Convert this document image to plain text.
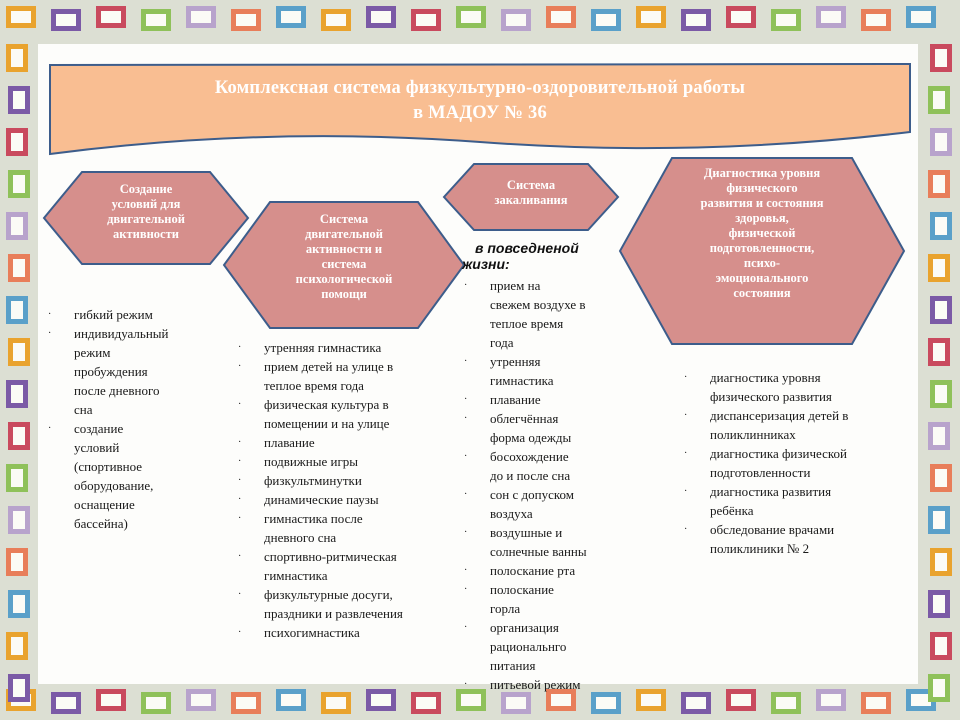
Комплексная система физкультурно-оздоровительной работы
в МАДОУ № 36
Создание
условий для
двигательной
активности
Система
двигательной
активности и
система
психологической
помощи
Система
закаливания
Диагностика уровня
физического
развития и состояния
здоровья,
физической
подготовленности,
психо-
эмоционального
состояния
в повседненой
жизни:
· гибкий режим
· индивидуальный
режим
пробуждения
после дневного
сна
· создание
условий
(спортивное
оборудование,
оснащение
бассейна)
· утренняя гимнастика
· прием детей на улице в
теплое время года
· физическая культура в
помещении и на улице
· плавание
· подвижные игры
· физкультминутки
· динамические паузы
· гимнастика после
дневного сна
· спортивно-ритмическая
гимнастика
· физкультурные досуги,
праздники и развлечения
· психогимнастика
· прием на
свежем воздухе в
теплое время
года
· утренняя
гимнастика
· плавание
· облегчённая
форма одежды
· босохождение
до и после сна
· сон с допуском
воздуха
· воздушные и
солнечные ванны
· полоскание рта
· полоскание
горла
· организация
рациональнго
питания
· питьевой режим
· диагностика уровня
физического развития
· диспансеризация детей в
поликлинниках
· диагностика физической
подготовленности
· диагностика развития
ребёнка
· обследование врачами
поликлиники № 2
